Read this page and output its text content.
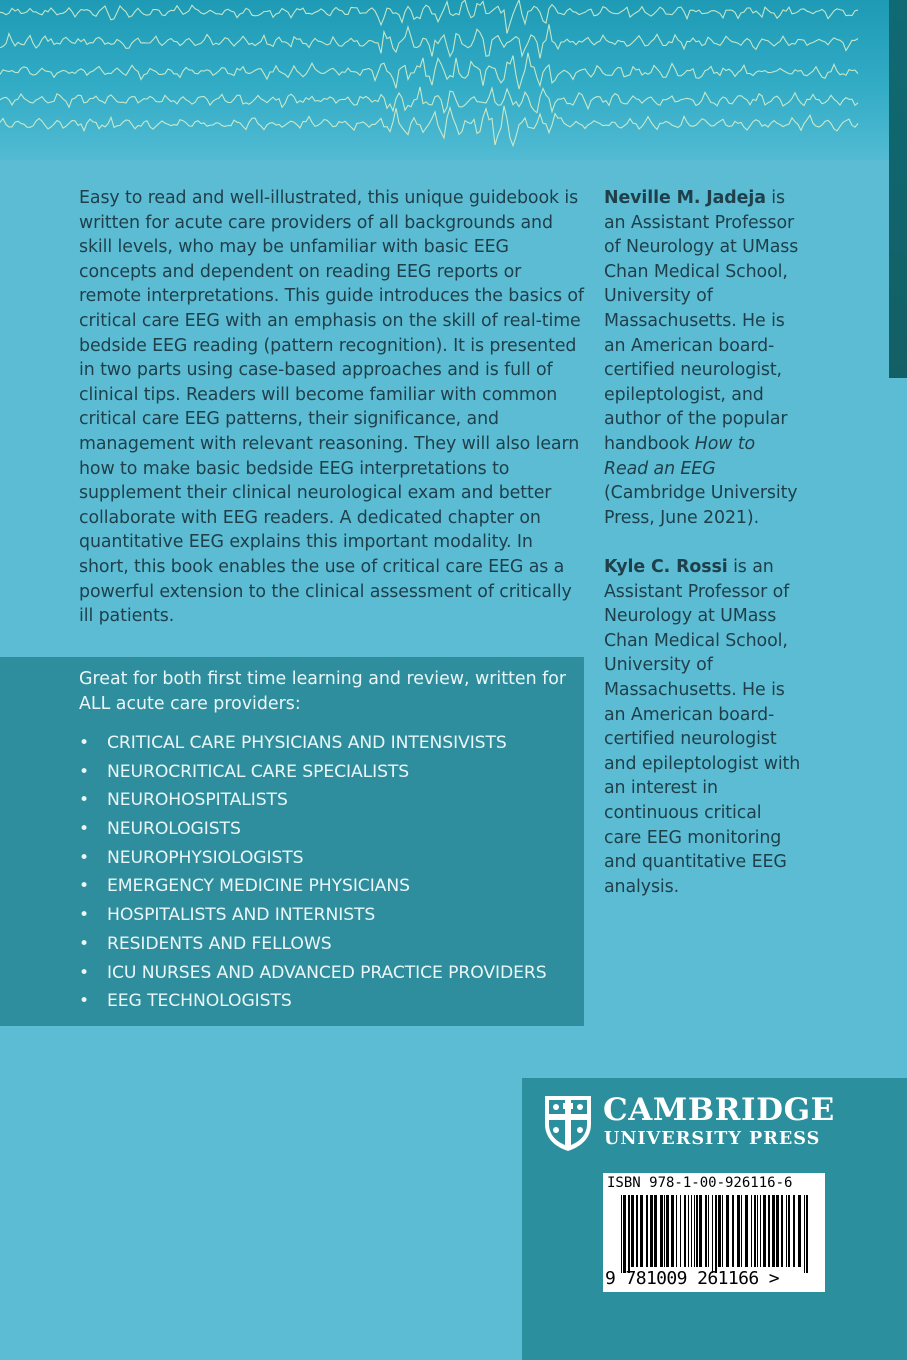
Easy to read and well-illustrated, this unique guidebook is written for acute care providers of all backgrounds and skill levels, who may be unfamiliar with basic EEG concepts and dependent on reading EEG reports or remote interpretations. This guide introduces the basics of critical care EEG with an emphasis on the skill of real-time bedside EEG reading (pattern recognition). It is presented in two parts using case-based approaches and is full of clinical tips. Readers will become familiar with common critical care EEG patterns, their significance, and management with relevant reasoning. They will also learn how to make basic bedside EEG interpretations to supplement their clinical neurological exam and better collaborate with EEG readers. A dedicated chapter on quantitative EEG explains this important modality. In short, this book enables the use of critical care EEG as a powerful extension to the clinical assessment of critically ill patients.

Great for both first time learning and review, written for ALL acute care providers:

• CRITICAL CARE PHYSICIANS AND INTENSIVISTS
• NEUROCRITICAL CARE SPECIALISTS
• NEUROHOSPITALISTS
• NEUROLOGISTS
• NEUROPHYSIOLOGISTS
• EMERGENCY MEDICINE PHYSICIANS
• HOSPITALISTS AND INTERNISTS
• RESIDENTS AND FELLOWS
• ICU NURSES AND ADVANCED PRACTICE PROVIDERS
• EEG TECHNOLOGISTS

Neville M. Jadeja is an Assistant Professor of Neurology at UMass Chan Medical School, University of Massachusetts. He is an American board-certified neurologist, epileptologist, and author of the popular handbook How to Read an EEG (Cambridge University Press, June 2021).

Kyle C. Rossi is an Assistant Professor of Neurology at UMass Chan Medical School, University of Massachusetts. He is an American board-certified neurologist and epileptologist with an interest in continuous critical care EEG monitoring and quantitative EEG analysis.

CAMBRIDGE
UNIVERSITY PRESS
ISBN 978-1-00-926116-6
9 781009 261166 >
